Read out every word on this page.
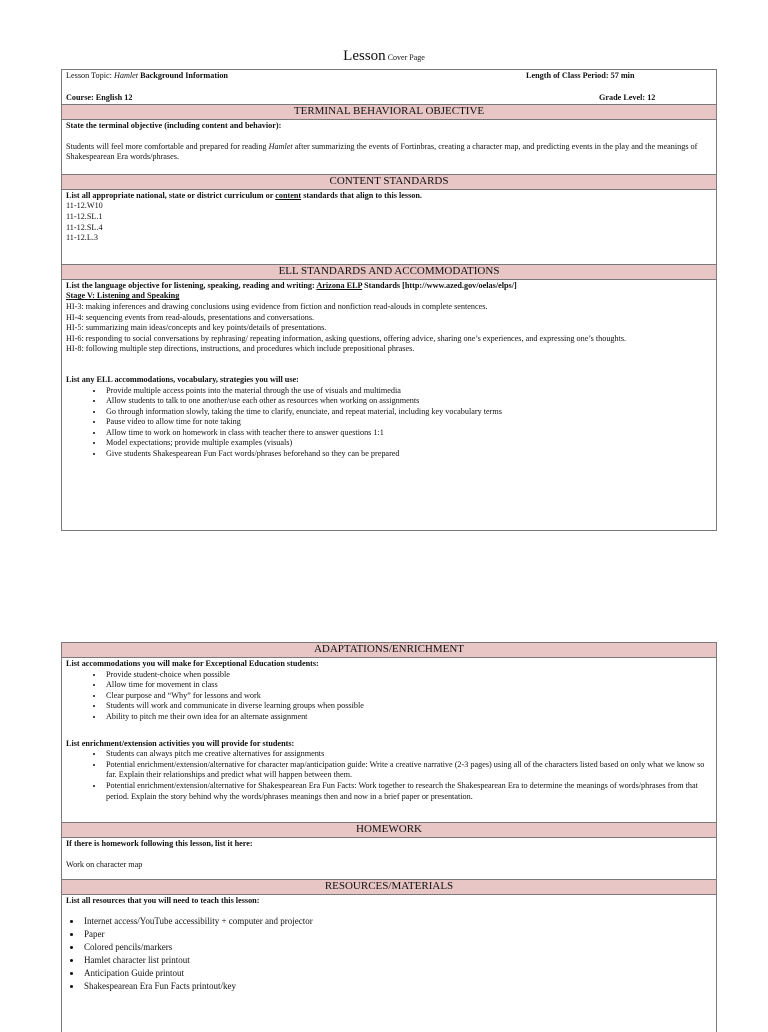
Lesson Cover Page
Lesson Topic: Hamlet Background Information	Length of Class Period: 57 min
Course: English 12	Grade Level: 12
TERMINAL BEHAVIORAL OBJECTIVE

State the terminal objective (including content and behavior):

Students will feel more comfortable and prepared for reading Hamlet after summarizing the events of Fortinbras, creating a character map, and predicting events in the play and the meanings of Shakespearean Era words/phrases.

CONTENT STANDARDS

List all appropriate national, state or district curriculum or content standards that align to this lesson.

11-12.W10

11-12.SL.1

11-12.SL.4

11-12.L.3

ELL STANDARDS AND ACCOMMODATIONS

List the language objective for listening, speaking, reading and writing: Arizona ELP Standards [http://www.azed.gov/oelas/elps/]

Stage V: Listening and Speaking

HI-3: making inferences and drawing conclusions using evidence from fiction and nonfiction read-alouds in complete sentences.

HI-4: sequencing events from read-alouds, presentations and conversations.

HI-5: summarizing main ideas/concepts and key points/details of presentations.

HI-6: responding to social conversations by rephrasing/ repeating information, asking questions, offering advice, sharing one’s experiences, and expressing one’s thoughts.

HI-8: following multiple step directions, instructions, and procedures which include prepositional phrases.

List any ELL accommodations, vocabulary, strategies you will use:

• Provide multiple access points into the material through the use of visuals and multimedia
• Allow students to talk to one another/use each other as resources when working on assignments
• Go through information slowly, taking the time to clarify, enunciate, and repeat material, including key vocabulary terms
• Pause video to allow time for note taking
• Allow time to work on homework in class with teacher there to answer questions 1:1
• Model expectations; provide multiple examples (visuals)
• Give students Shakespearean Fun Fact words/phrases beforehand so they can be prepared
ADAPTATIONS/ENRICHMENT

List accommodations you will make for Exceptional Education students:

• Provide student-choice when possible
• Allow time for movement in class
• Clear purpose and “Why” for lessons and work
• Students will work and communicate in diverse learning groups when possible
• Ability to pitch me their own idea for an alternate assignment

List enrichment/extension activities you will provide for students:

• Students can always pitch me creative alternatives for assignments
• Potential enrichment/extension/alternative for character map/anticipation guide: Write a creative narrative (2-3 pages) using all of the characters listed based on only what we know so far. Explain their relationships and predict what will happen between them.
• Potential enrichment/extension/alternative for Shakespearean Era Fun Facts: Work together to research the Shakespearean Era to determine the meanings of words/phrases from that period. Explain the story behind why the words/phrases meanings then and now in a brief paper or presentation.
HOMEWORK

If there is homework following this lesson, list it here:

Work on character map

RESOURCES/MATERIALS

List all resources that you will need to teach this lesson:

• Internet access/YouTube accessibility + computer and projector
• Paper
• Colored pencils/markers
• Hamlet character list printout
• Anticipation Guide printout
• Shakespearean Era Fun Facts printout/key
